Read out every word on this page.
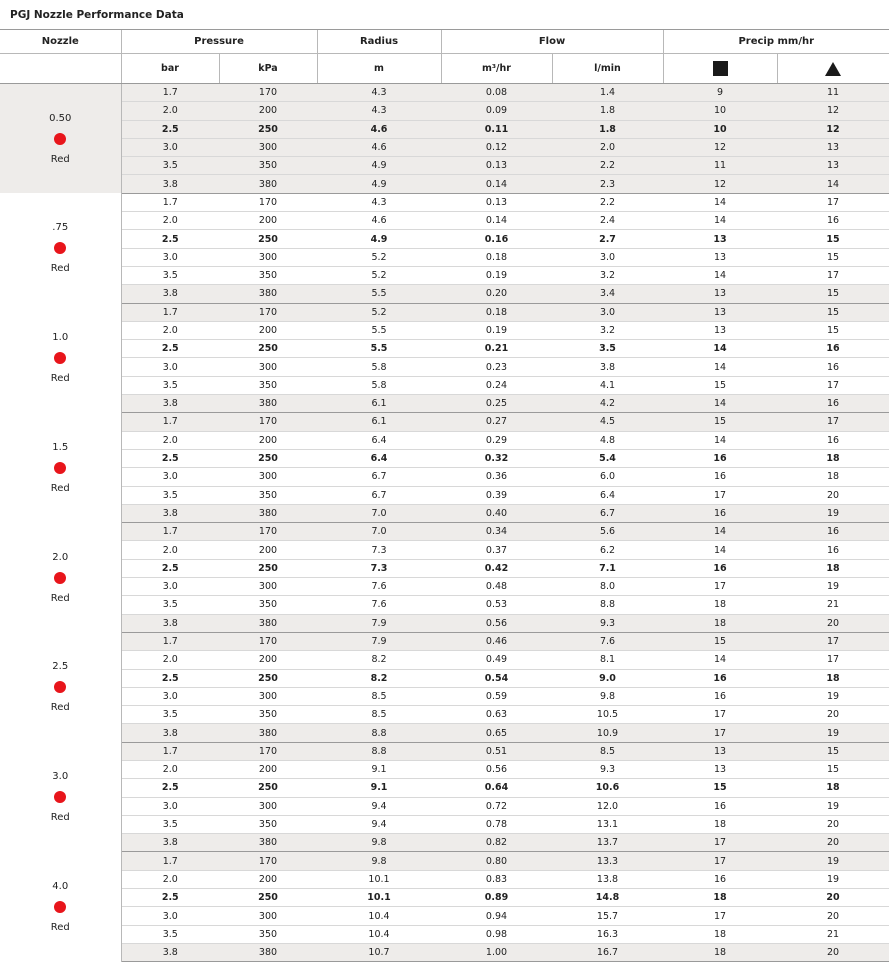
PGJ Nozzle Performance Data
Nozzle	Pressure		Radius	Flow		Precip mm/hr	
	bar	kPa	m	m³/hr	l/min		

0.50
Red	1.7	170	4.3	0.08	1.4	9	11
	2.0	200	4.3	0.09	1.8	10	12
	2.5	250	4.6	0.11	1.8	10	12
	3.0	300	4.6	0.12	2.0	12	13
	3.5	350	4.9	0.13	2.2	11	13
	3.8	380	4.9	0.14	2.3	12	14

.75
Red	1.7	170	4.3	0.13	2.2	14	17
	2.0	200	4.6	0.14	2.4	14	16
	2.5	250	4.9	0.16	2.7	13	15
	3.0	300	5.2	0.18	3.0	13	15
	3.5	350	5.2	0.19	3.2	14	17
	3.8	380	5.5	0.20	3.4	13	15

1.0
Red	1.7	170	5.2	0.18	3.0	13	15
	2.0	200	5.5	0.19	3.2	13	15
	2.5	250	5.5	0.21	3.5	14	16
	3.0	300	5.8	0.23	3.8	14	16
	3.5	350	5.8	0.24	4.1	15	17
	3.8	380	6.1	0.25	4.2	14	16

1.5
Red	1.7	170	6.1	0.27	4.5	15	17
	2.0	200	6.4	0.29	4.8	14	16
	2.5	250	6.4	0.32	5.4	16	18
	3.0	300	6.7	0.36	6.0	16	18
	3.5	350	6.7	0.39	6.4	17	20
	3.8	380	7.0	0.40	6.7	16	19

2.0
Red	1.7	170	7.0	0.34	5.6	14	16
	2.0	200	7.3	0.37	6.2	14	16
	2.5	250	7.3	0.42	7.1	16	18
	3.0	300	7.6	0.48	8.0	17	19
	3.5	350	7.6	0.53	8.8	18	21
	3.8	380	7.9	0.56	9.3	18	20

2.5
Red	1.7	170	7.9	0.46	7.6	15	17
	2.0	200	8.2	0.49	8.1	14	17
	2.5	250	8.2	0.54	9.0	16	18
	3.0	300	8.5	0.59	9.8	16	19
	3.5	350	8.5	0.63	10.5	17	20
	3.8	380	8.8	0.65	10.9	17	19

3.0
Red	1.7	170	8.8	0.51	8.5	13	15
	2.0	200	9.1	0.56	9.3	13	15
	2.5	250	9.1	0.64	10.6	15	18
	3.0	300	9.4	0.72	12.0	16	19
	3.5	350	9.4	0.78	13.1	18	20
	3.8	380	9.8	0.82	13.7	17	20

4.0
Red	1.7	170	9.8	0.80	13.3	17	19
	2.0	200	10.1	0.83	13.8	16	19
	2.5	250	10.1	0.89	14.8	18	20
	3.0	300	10.4	0.94	15.7	17	20
	3.5	350	10.4	0.98	16.3	18	21
	3.8	380	10.7	1.00	16.7	18	20
